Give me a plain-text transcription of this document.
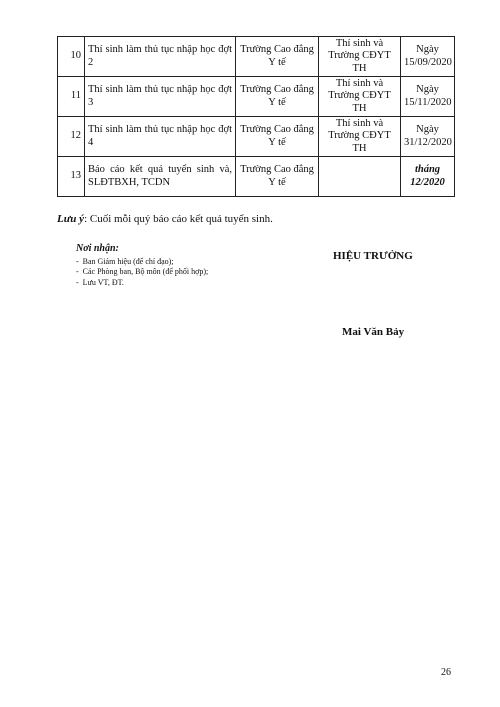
10	Thí sinh làm thủ tục nhập học đợt 2	Trường Cao đẳng Y tế	Thí sinh và Trường CĐYT TH	Ngày 15/09/2020
11	Thí sinh làm thủ tục nhập học đợt 3	Trường Cao đẳng Y tế	Thí sinh và Trường CĐYT TH	Ngày 15/11/2020
12	Thí sinh làm thủ tục nhập học đợt 4	Trường Cao đẳng Y tế	Thí sinh và Trường CĐYT TH	Ngày 31/12/2020
13	Báo cáo kết quả tuyển sinh và, SLĐTBXH, TCDN	Trường Cao đẳng Y tế		tháng 12/2020
Lưu ý: Cuối mỗi quý báo cáo kết quả tuyển sinh.
Nơi nhận:
- Ban Giám hiệu (để chỉ đạo);
- Các Phòng ban, Bộ môn (để phối hợp);
- Lưu VT, ĐT.
HIỆU TRƯỞNG
Mai Văn Bảy
26
